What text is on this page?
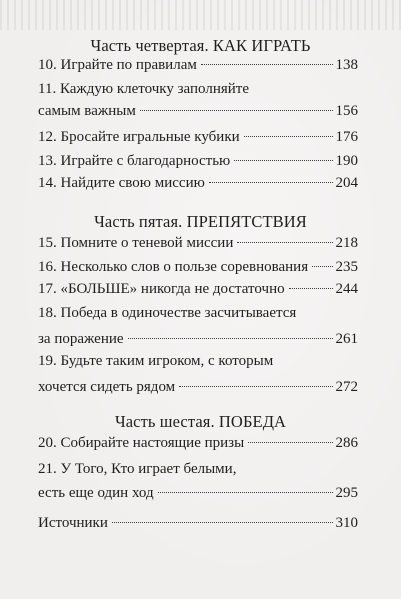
Часть четвертая. КАК ИГРАТЬ
10. Играйте по правилам	138
11. Каждую клеточку заполняйте
самым важным	156
12. Бросайте игральные кубики	176
13. Играйте с благодарностью	190
14. Найдите свою миссию	204
Часть пятая. ПРЕПЯТСТВИЯ
15. Помните о теневой миссии	218
16. Несколько слов о пользе соревнования 235
17. «БОЛЬШЕ» никогда не достаточно	244
18. Победа в одиночестве засчитывается
за поражение	261
19. Будьте таким игроком, с которым
хочется сидеть рядом	272
Часть шестая. ПОБЕДА
20. Собирайте настоящие призы	286
21. У Того, Кто играет белыми,
есть еще один ход	295
Источники	310
